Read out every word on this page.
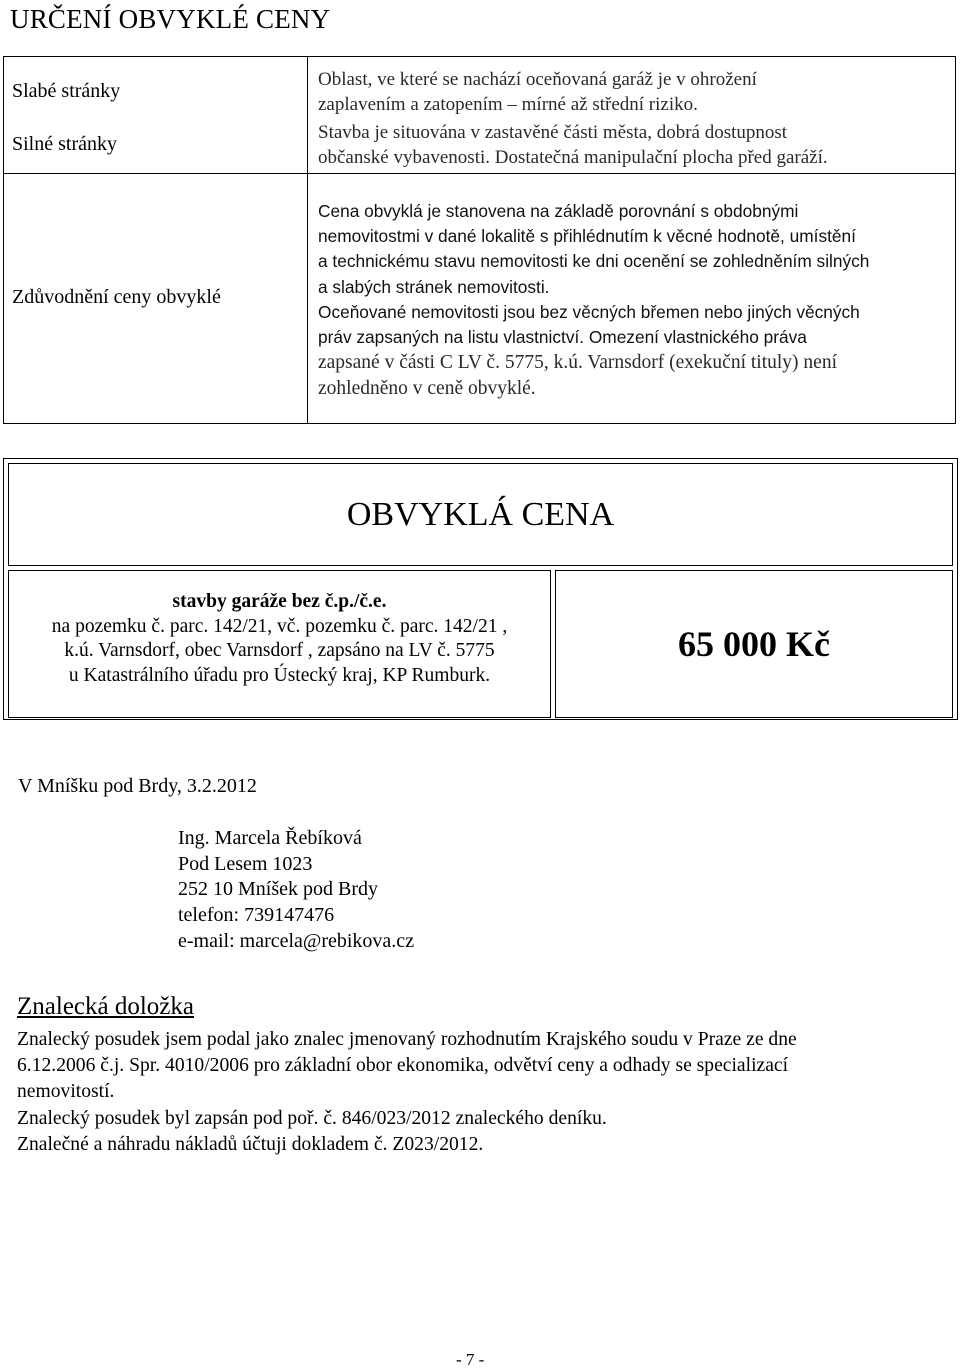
URČENÍ OBVYKLÉ CENY
Slabé stránky
Oblast, ve které se nachází oceňovaná garáž je v ohrožení
zaplavením a zatopením – mírné až střední riziko.
Silné stránky
Stavba je situována v zastavěné části města, dobrá dostupnost
občanské vybavenosti. Dostatečná manipulační plocha před garáží.
Zdůvodnění ceny obvyklé
Cena obvyklá je stanovena na základě porovnání s obdobnými
nemovitostmi v dané lokalitě s přihlédnutím k věcné hodnotě, umístění
a technickému stavu nemovitosti ke dni ocenění se zohledněním silných
a slabých stránek nemovitosti.
Oceňované nemovitosti jsou bez věcných břemen nebo jiných věcných
práv zapsaných na listu vlastnictví. Omezení vlastnického práva
zapsané v části C LV č. 5775, k.ú. Varnsdorf (exekuční tituly) není
zohledněno v ceně obvyklé.
OBVYKLÁ CENA
65 000 Kč
stavby garáže bez č.p./č.e.
na pozemku č. parc. 142/21, vč. pozemku č. parc. 142/21 ,
k.ú. Varnsdorf, obec Varnsdorf , zapsáno na LV č. 5775
u Katastrálního úřadu pro Ústecký kraj, KP Rumburk.
V Mníšku pod Brdy, 3.2.2012
Ing. Marcela Řebíková
Pod Lesem 1023
252 10 Mníšek pod Brdy
telefon: 739147476
e-mail: marcela@rebikova.cz
Znalecká doložka
Znalecký posudek jsem podal jako znalec jmenovaný rozhodnutím Krajského soudu v Praze ze dne
6.12.2006 č.j. Spr. 4010/2006 pro základní obor ekonomika, odvětví ceny a odhady se specializací
nemovitostí.
Znalecký posudek byl zapsán pod poř. č. 846/023/2012 znaleckého deníku.
Znalečné a náhradu nákladů účtuji dokladem č. Z023/2012.
- 7 -
